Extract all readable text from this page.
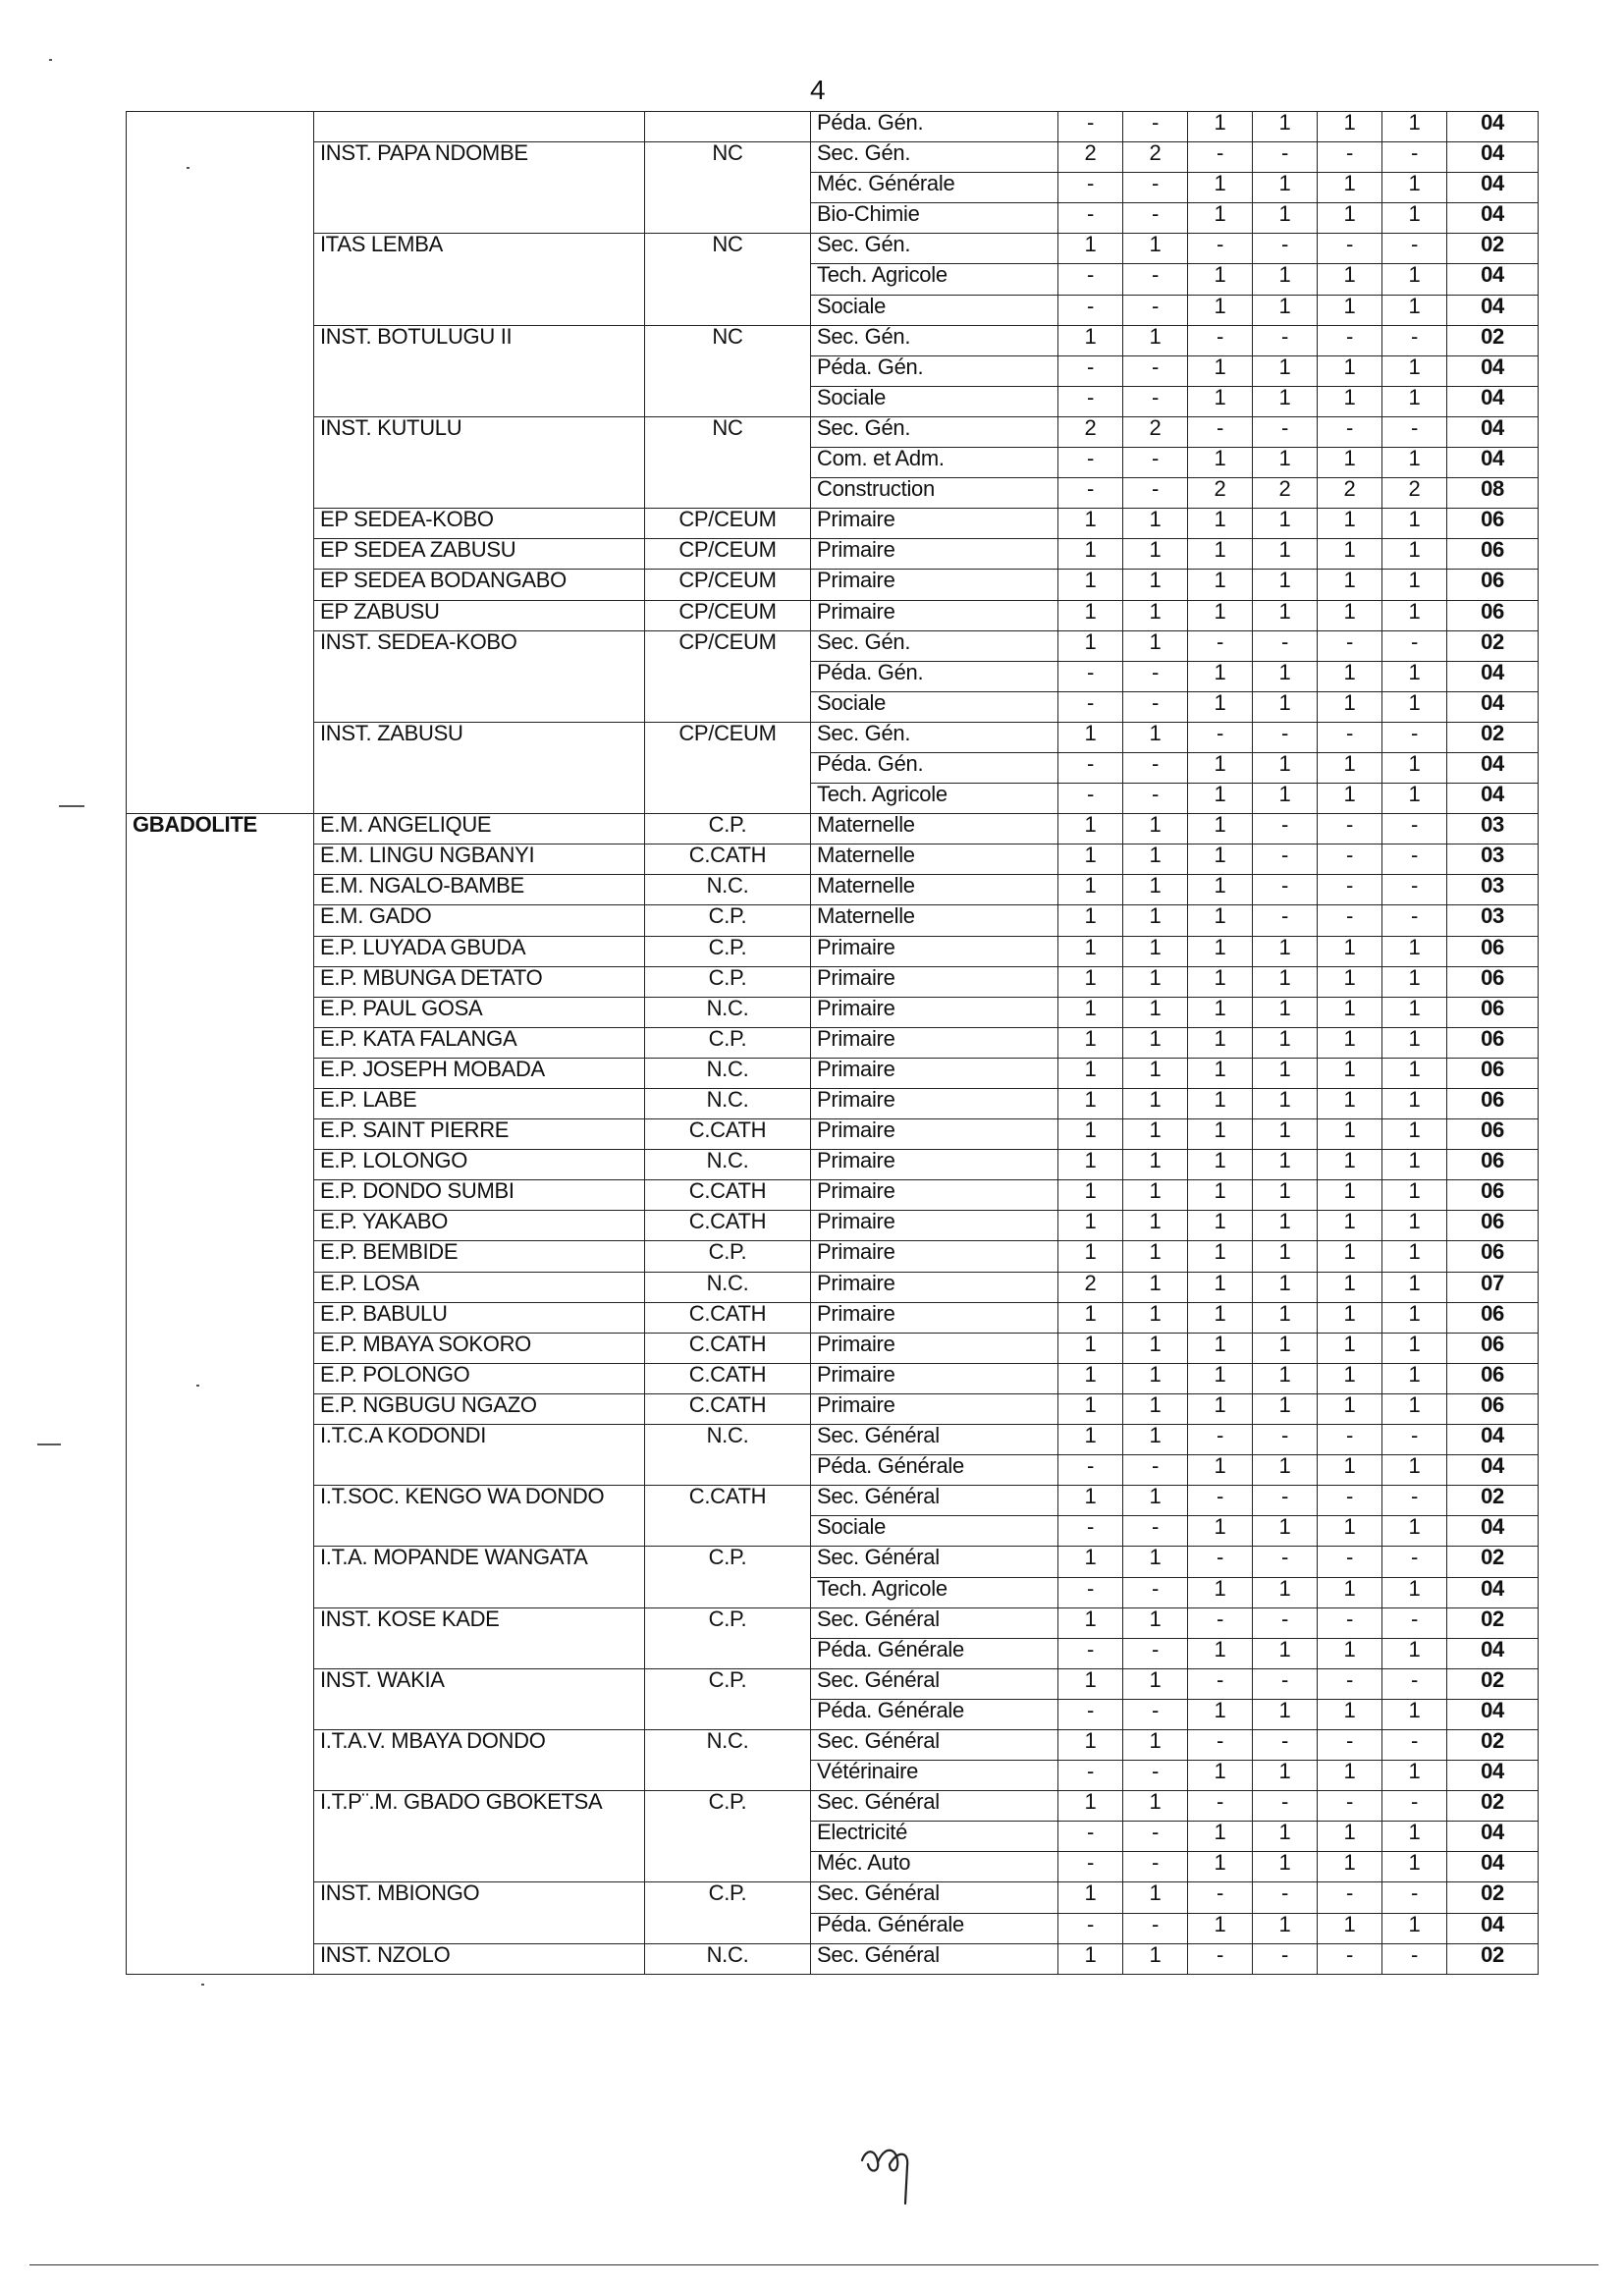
4
			Péda. Gén.	-	-	1	1	1	1	04
	INST. PAPA NDOMBE	NC	Sec. Gén.	2	2	-	-	-	-	04
			Méc. Générale	-	-	1	1	1	1	04
			Bio-Chimie	-	-	1	1	1	1	04
	ITAS LEMBA	NC	Sec. Gén.	1	1	-	-	-	-	02
			Tech. Agricole	-	-	1	1	1	1	04
			Sociale	-	-	1	1	1	1	04
	INST. BOTULUGU II	NC	Sec. Gén.	1	1	-	-	-	-	02
			Péda. Gén.	-	-	1	1	1	1	04
			Sociale	-	-	1	1	1	1	04
	INST. KUTULU	NC	Sec. Gén.	2	2	-	-	-	-	04
			Com. et Adm.	-	-	1	1	1	1	04
			Construction	-	-	2	2	2	2	08
	EP SEDEA-KOBO	CP/CEUM	Primaire	1	1	1	1	1	1	06
	EP SEDEA ZABUSU	CP/CEUM	Primaire	1	1	1	1	1	1	06
	EP SEDEA BODANGABO	CP/CEUM	Primaire	1	1	1	1	1	1	06
	EP ZABUSU	CP/CEUM	Primaire	1	1	1	1	1	1	06
	INST. SEDEA-KOBO	CP/CEUM	Sec. Gén.	1	1	-	-	-	-	02
			Péda. Gén.	-	-	1	1	1	1	04
			Sociale	-	-	1	1	1	1	04
	INST. ZABUSU	CP/CEUM	Sec. Gén.	1	1	-	-	-	-	02
			Péda. Gén.	-	-	1	1	1	1	04
			Tech. Agricole	-	-	1	1	1	1	04
GBADOLITE	E.M. ANGELIQUE	C.P.	Maternelle	1	1	1	-	-	-	03
	E.M. LINGU NGBANYI	C.CATH	Maternelle	1	1	1	-	-	-	03
	E.M. NGALO-BAMBE	N.C.	Maternelle	1	1	1	-	-	-	03
	E.M. GADO	C.P.	Maternelle	1	1	1	-	-	-	03
	E.P. LUYADA GBUDA	C.P.	Primaire	1	1	1	1	1	1	06
	E.P. MBUNGA DETATO	C.P.	Primaire	1	1	1	1	1	1	06
	E.P. PAUL GOSA	N.C.	Primaire	1	1	1	1	1	1	06
	E.P. KATA FALANGA	C.P.	Primaire	1	1	1	1	1	1	06
	E.P. JOSEPH MOBADA	N.C.	Primaire	1	1	1	1	1	1	06
	E.P. LABE	N.C.	Primaire	1	1	1	1	1	1	06
	E.P. SAINT PIERRE	C.CATH	Primaire	1	1	1	1	1	1	06
	E.P. LOLONGO	N.C.	Primaire	1	1	1	1	1	1	06
	E.P. DONDO SUMBI	C.CATH	Primaire	1	1	1	1	1	1	06
	E.P. YAKABO	C.CATH	Primaire	1	1	1	1	1	1	06
	E.P. BEMBIDE	C.P.	Primaire	1	1	1	1	1	1	06
	E.P. LOSA	N.C.	Primaire	2	1	1	1	1	1	07
	E.P. BABULU	C.CATH	Primaire	1	1	1	1	1	1	06
	E.P. MBAYA SOKORO	C.CATH	Primaire	1	1	1	1	1	1	06
	E.P. POLONGO	C.CATH	Primaire	1	1	1	1	1	1	06
	E.P. NGBUGU NGAZO	C.CATH	Primaire	1	1	1	1	1	1	06
	I.T.C.A KODONDI	N.C.	Sec. Général	1	1	-	-	-	-	04
			Péda. Générale	-	-	1	1	1	1	04
	I.T.SOC. KENGO WA DONDO	C.CATH	Sec. Général	1	1	-	-	-	-	02
			Sociale	-	-	1	1	1	1	04
	I.T.A. MOPANDE WANGATA	C.P.	Sec. Général	1	1	-	-	-	-	02
			Tech. Agricole	-	-	1	1	1	1	04
	INST. KOSE KADE	C.P.	Sec. Général	1	1	-	-	-	-	02
			Péda. Générale	-	-	1	1	1	1	04
	INST. WAKIA	C.P.	Sec. Général	1	1	-	-	-	-	02
			Péda. Générale	-	-	1	1	1	1	04
	I.T.A.V. MBAYA DONDO	N.C.	Sec. Général	1	1	-	-	-	-	02
			Vétérinaire	-	-	1	1	1	1	04
	I.T.P¨.M. GBADO GBOKETSA	C.P.	Sec. Général	1	1	-	-	-	-	02
			Electricité	-	-	1	1	1	1	04
			Méc. Auto	-	-	1	1	1	1	04
	INST. MBIONGO	C.P.	Sec. Général	1	1	-	-	-	-	02
			Péda. Générale	-	-	1	1	1	1	04
	INST. NZOLO	N.C.	Sec. Général	1	1	-	-	-	-	02
